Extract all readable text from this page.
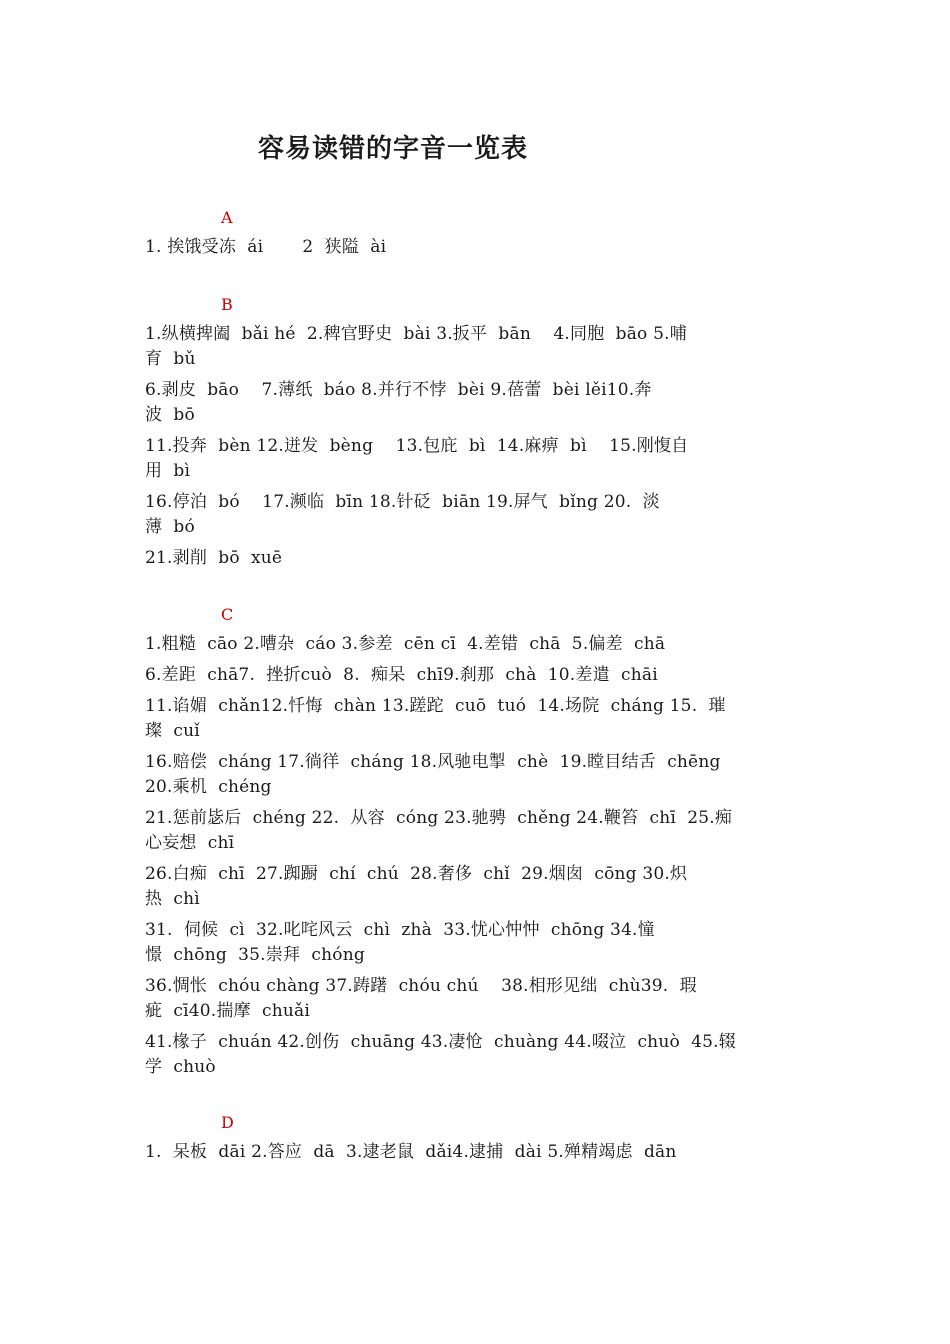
容易读错的字音一览表
A
1. 挨饿受冻  ái       2  狭隘  ài
B
1.纵横捭阖  bǎi hé  2.稗官野史  bài 3.扳平  bān    4.同胞  bāo 5.哺
育  bǔ
6.剥皮  bāo    7.薄纸  báo 8.并行不悖  bèi 9.蓓蕾  bèi lěi10.奔
波  bō
11.投奔  bèn 12.迸发  bèng    13.包庇  bì  14.麻痹  bì    15.刚愎自
用  bì
16.停泊  bó    17.濒临  bīn 18.针砭  biān 19.屏气  bǐng 20.  淡
薄  bó
21.剥削  bō  xuē
C
1.粗糙  cāo 2.嘈杂  cáo 3.参差  cēn cī  4.差错  chā  5.偏差  chā
6.差距  chā7.  挫折cuò  8.  痴呆  chī9.刹那  chà  10.差遣  chāi
11.谄媚  chǎn12.忏悔  chàn 13.蹉跎  cuō  tuó  14.场院  cháng 15.  璀
璨  cuǐ
16.赔偿  cháng 17.徜徉  cháng 18.风驰电掣  chè  19.瞠目结舌  chēng
20.乘机  chéng
21.惩前毖后  chéng 22.  从容  cóng 23.驰骋  chěng 24.鞭笞  chī  25.痴
心妄想  chī
26.白痴  chī  27.踟蹰  chí  chú  28.奢侈  chǐ  29.烟囱  cōng 30.炽
热  chì
31.  伺候  cì  32.叱咤风云  chì  zhà  33.忧心忡忡  chōng 34.憧
憬  chōng  35.崇拜  chóng
36.惆怅  chóu chàng 37.踌躇  chóu chú    38.相形见绌  chù39.  瑕
疵  cī40.揣摩  chuǎi
41.椽子  chuán 42.创伤  chuāng 43.凄怆  chuàng 44.啜泣  chuò  45.辍
学  chuò
D
1.  呆板  dāi 2.答应  dā  3.逮老鼠  dǎi4.逮捕  dài 5.殚精竭虑  dān
